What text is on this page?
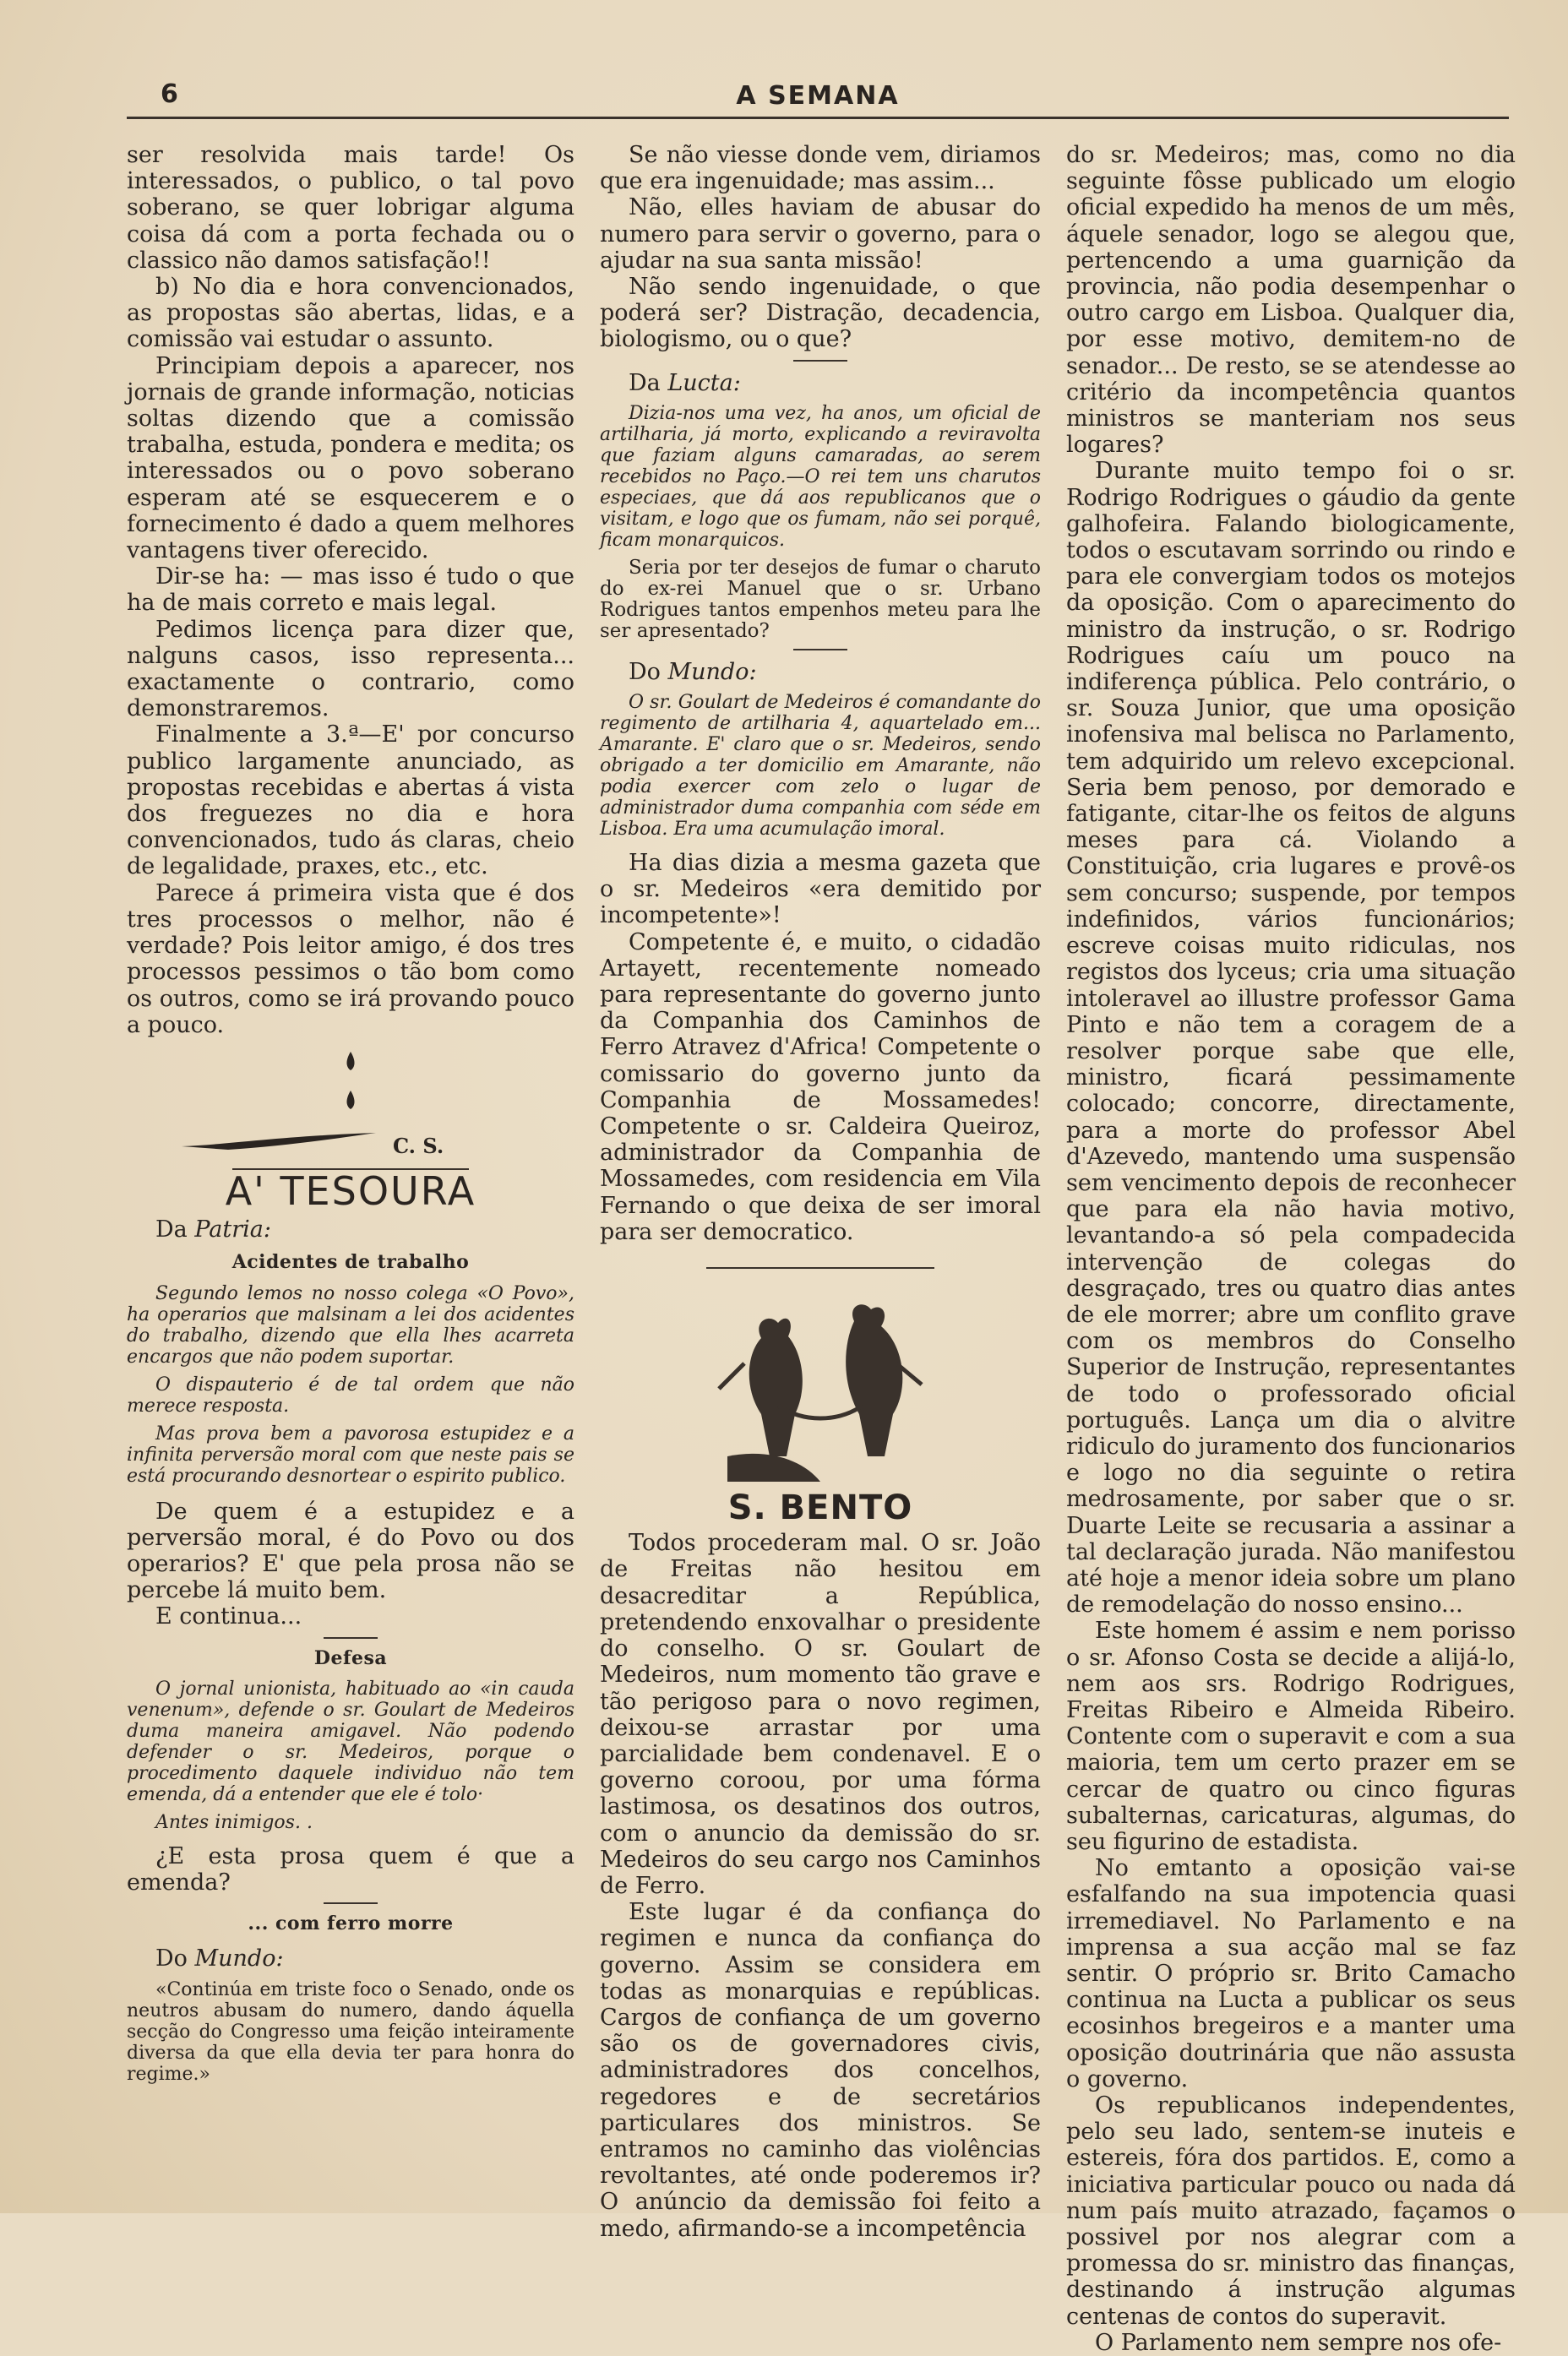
6	A SEMANA

ser resolvida mais tarde! Os interessados, o publico, o tal povo soberano, se quer lobrigar alguma coisa dá com a porta fechada ou o classico não damos satisfação!!

b) No dia e hora convencionados, as propostas são abertas, lidas, e a comissão vai estudar o assunto.

Principiam depois a aparecer, nos jornais de grande informação, noticias soltas dizendo que a comissão trabalha, estuda, pondera e medita; os interessados ou o povo soberano esperam até se esquecerem e o fornecimento é dado a quem melhores vantagens tiver oferecido.

Dir-se ha: — mas isso é tudo o que ha de mais correto e mais legal.

Pedimos licença para dizer que, nalguns casos, isso representa... exactamente o contrario, como demonstraremos.

Finalmente a 3.ª—E' por concurso publico largamente anunciado, as propostas recebidas e abertas á vista dos freguezes no dia e hora convencionados, tudo ás claras, cheio de legalidade, praxes, etc., etc.

Parece á primeira vista que é dos tres processos o melhor, não é verdade? Pois leitor amigo, é dos tres processos pessimos o tão bom como os outros, como se irá provando pouco a pouco.

C. S.
A' TESOURA
Da Patria:
Acidentes de trabalho
Segundo lemos no nosso colega «O Povo», ha operarios que malsinam a lei dos acidentes do trabalho, dizendo que ella lhes acarreta encargos que não podem suportar.
O dispauterio é de tal ordem que não merece resposta.
Mas prova bem a pavorosa estupidez e a infinita perversão moral com que neste pais se está procurando desnortear o espirito publico.

De quem é a estupidez e a perversão moral, é do Povo ou dos operarios? E' que pela prosa não se percebe lá muito bem.

E continua...

Defesa
O jornal unionista, habituado ao «in cauda venenum», defende o sr. Goulart de Medeiros duma maneira amigavel. Não podendo defender o sr. Medeiros, porque o procedimento daquele individuo não tem emenda, dá a entender que ele é tolo·
Antes inimigos. .

¿E esta prosa quem é que a emenda?

... com ferro morre
Do Mundo:
«Continúa em triste foco o Senado, onde os neutros abusam do numero, dando áquella secção do Congresso uma feição inteiramente diversa da que ella devia ter para honra do regime.»

Se não viesse donde vem, diriamos que era ingenuidade; mas assim...

Não, elles haviam de abusar do numero para servir o governo, para o ajudar na sua santa missão!

Não sendo ingenuidade, o que poderá ser? Distração, decadencia, biologismo, ou o que?

Da Lucta:
Dizia-nos uma vez, ha anos, um oficial de artilharia, já morto, explicando a reviravolta que faziam alguns camaradas, ao serem recebidos no Paço.—O rei tem uns charutos especiaes, que dá aos republicanos que o visitam, e logo que os fumam, não sei porquê, ficam monarquicos.
Seria por ter desejos de fumar o charuto do ex-rei Manuel que o sr. Urbano Rodrigues tantos empenhos meteu para lhe ser apresentado?
Do Mundo:
O sr. Goulart de Medeiros é comandante do regimento de artilharia 4, aquartelado em... Amarante. E' claro que o sr. Medeiros, sendo obrigado a ter domicilio em Amarante, não podia exercer com zelo o lugar de administrador duma companhia com séde em Lisboa. Era uma acumulação imoral.

Ha dias dizia a mesma gazeta que o sr. Medeiros «era demitido por incompetente»!

Competente é, e muito, o cidadão Artayett, recentemente nomeado para representante do governo junto da Companhia dos Caminhos de Ferro Atravez d'Africa! Competente o comissario do governo junto da Companhia de Mossamedes! Competente o sr. Caldeira Queiroz, administrador da Companhia de Mossamedes, com residencia em Vila Fernando o que deixa de ser imoral para ser democratico.

S. BENTO

Todos procederam mal. O sr. João de Freitas não hesitou em desacreditar a República, pretendendo enxovalhar o presidente do conselho. O sr. Goulart de Medeiros, num momento tão grave e tão perigoso para o novo regimen, deixou-se arrastar por uma parcialidade bem condenavel. E o governo coroou, por uma fórma lastimosa, os desatinos dos outros, com o anuncio da demissão do sr. Medeiros do seu cargo nos Caminhos de Ferro.

Este lugar é da confiança do regimen e nunca da confiança do governo. Assim se considera em todas as monarquias e repúblicas. Cargos de confiança de um governo são os de governadores civis, administradores dos concelhos, regedores e de secretários particulares dos ministros. Se entramos no caminho das violências revoltantes, até onde poderemos ir? O anúncio da demissão foi feito a medo, afirmando-se a incompetência

do sr. Medeiros; mas, como no dia seguinte fôsse publicado um elogio oficial expedido ha menos de um mês, áquele senador, logo se alegou que, pertencendo a uma guarnição da provincia, não podia desempenhar o outro cargo em Lisboa. Qualquer dia, por esse motivo, demitem-no de senador... De resto, se se atendesse ao critério da incompetência quantos ministros se manteriam nos seus logares?

Durante muito tempo foi o sr. Rodrigo Rodrigues o gáudio da gente galhofeira. Falando biologicamente, todos o escutavam sorrindo ou rindo e para ele convergiam todos os motejos da oposição. Com o aparecimento do ministro da instrução, o sr. Rodrigo Rodrigues caíu um pouco na indiferença pública. Pelo contrário, o sr. Souza Junior, que uma oposição inofensiva mal belisca no Parlamento, tem adquirido um relevo excepcional. Seria bem penoso, por demorado e fatigante, citar-lhe os feitos de alguns meses para cá. Violando a Constituição, cria lugares e provê-os sem concurso; suspende, por tempos indefinidos, vários funcionários; escreve coisas muito ridiculas, nos registos dos lyceus; cria uma situação intoleravel ao illustre professor Gama Pinto e não tem a coragem de a resolver porque sabe que elle, ministro, ficará pessimamente colocado; concorre, directamente, para a morte do professor Abel d'Azevedo, mantendo uma suspensão sem vencimento depois de reconhecer que para ela não havia motivo, levantando-a só pela compadecida intervenção de colegas do desgraçado, tres ou quatro dias antes de ele morrer; abre um conflito grave com os membros do Conselho Superior de Instrução, representantes de todo o professorado oficial português. Lança um dia o alvitre ridiculo do juramento dos funcionarios e logo no dia seguinte o retira medrosamente, por saber que o sr. Duarte Leite se recusaria a assinar a tal declaração jurada. Não manifestou até hoje a menor ideia sobre um plano de remodelação do nosso ensino...

Este homem é assim e nem porisso o sr. Afonso Costa se decide a alijá-lo, nem aos srs. Rodrigo Rodrigues, Freitas Ribeiro e Almeida Ribeiro. Contente com o superavit e com a sua maioria, tem um certo prazer em se cercar de quatro ou cinco figuras subalternas, caricaturas, algumas, do seu figurino de estadista.

No emtanto a oposição vai-se esfalfando na sua impotencia quasi irremediavel. No Parlamento e na imprensa a sua acção mal se faz sentir. O próprio sr. Brito Camacho continua na Lucta a publicar os seus ecosinhos bregeiros e a manter uma oposição doutrinária que não assusta o governo.

Os republicanos independentes, pelo seu lado, sentem-se inuteis e estereis, fóra dos partidos. E, como a iniciativa particular pouco ou nada dá num país muito atrazado, façamos o possivel por nos alegrar com a promessa do sr. ministro das finanças, destinando á instrução algumas centenas de contos do superavit.

O Parlamento nem sempre nos ofe-
